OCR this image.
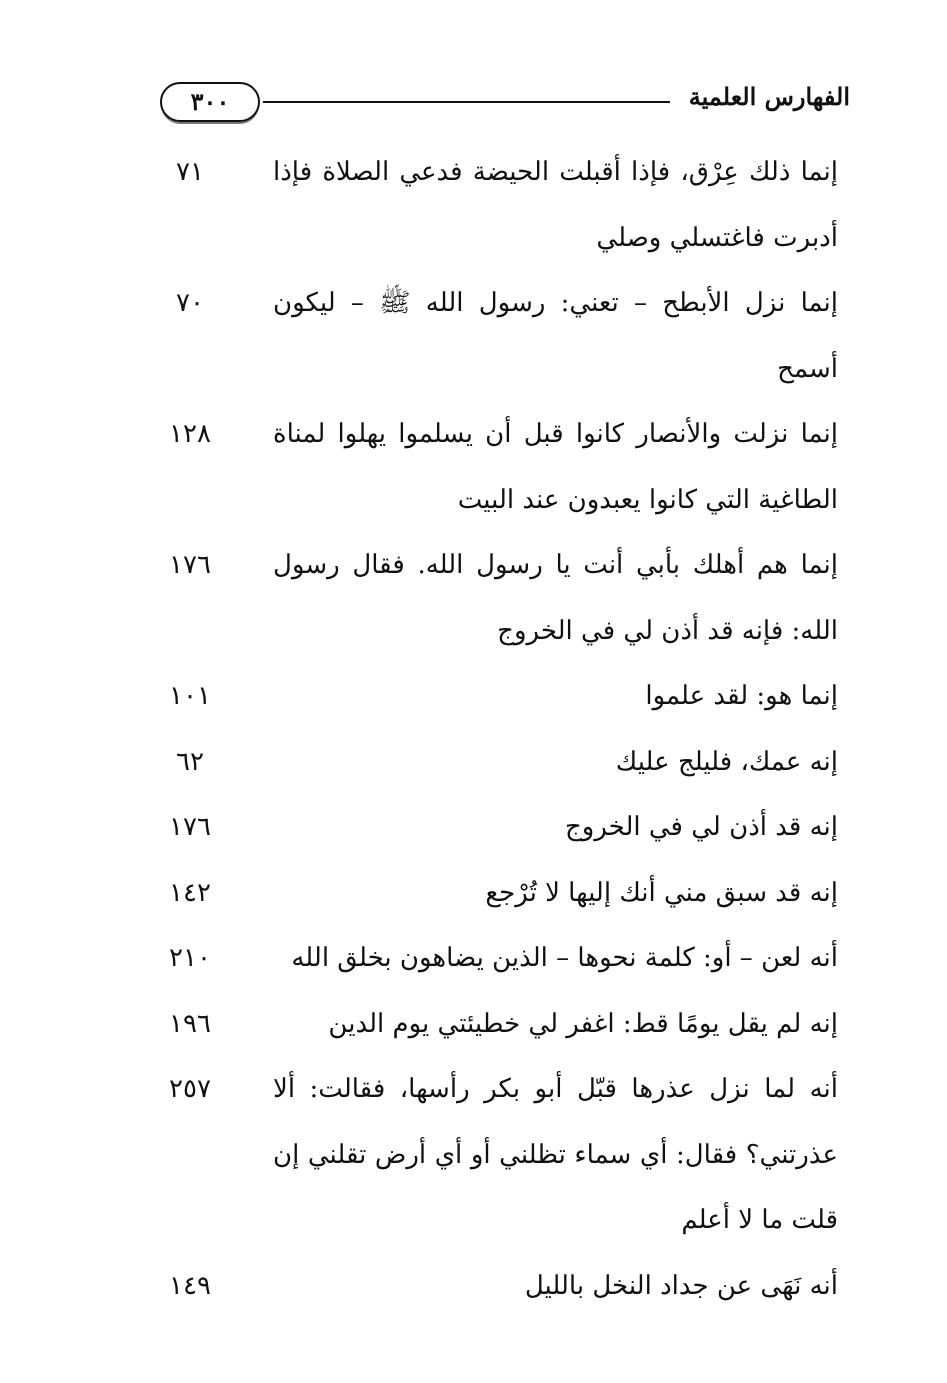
٣٠٠	الفهارس العلمية
إنما ذلك عِرْق، فإذا أقبلت الحيضة فدعي الصلاة فإذا أدبرت فاغتسلي وصلي
٧١
إنما نزل الأبطح – تعني: رسول الله ﷺ – ليكون أسمح
٧٠
إنما نزلت والأنصار كانوا قبل أن يسلموا يهلوا لمناة الطاغية التي كانوا يعبدون عند البيت
١٢٨
إنما هم أهلك بأبي أنت يا رسول الله. فقال رسول الله: فإنه قد أذن لي في الخروج
١٧٦
إنما هو: لقد علموا
١٠١
إنه عمك، فليلج عليك
٦٢
إنه قد أذن لي في الخروج
١٧٦
إنه قد سبق مني أنك إليها لا تُرْجع
١٤٢
أنه لعن – أو: كلمة نحوها – الذين يضاهون بخلق الله
٢١٠
إنه لم يقل يومًا قط: اغفر لي خطيئتي يوم الدين
١٩٦
أنه لما نزل عذرها قبّل أبو بكر رأسها، فقالت: ألا عذرتني؟ فقال: أي سماء تظلني أو أي أرض تقلني إن قلت ما لا أعلم
٢٥٧
أنه نَهَى عن جداد النخل بالليل
١٤٩
